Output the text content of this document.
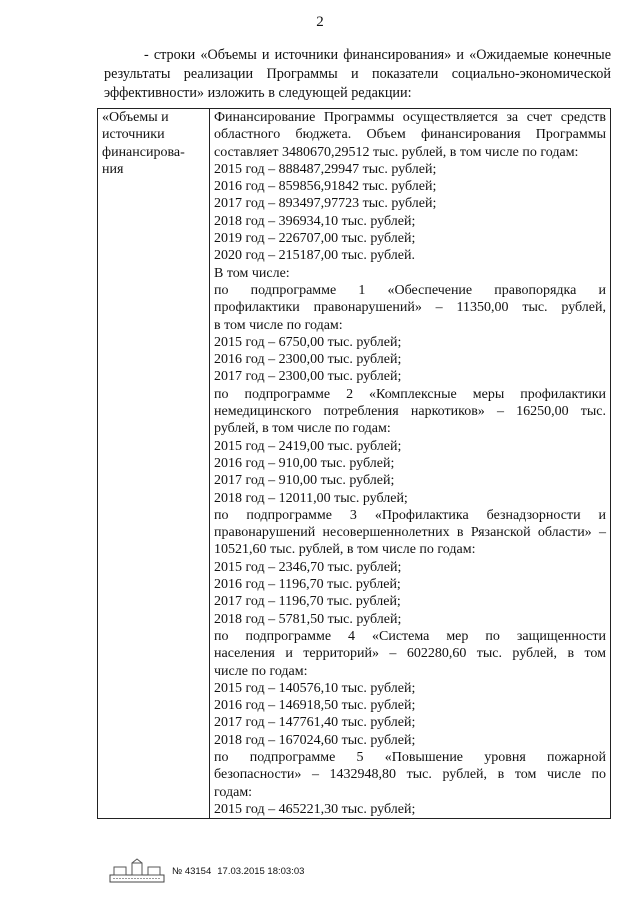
2
- строки «Объемы и источники финансирования» и «Ожидаемые конечные результаты реализации Программы и показатели социально-экономической эффективности» изложить в следующей редакции:
«Объемы и
источники
финансирова-
ния

Финансирование Программы осуществляется за счет средств
областного бюджета. Объем финансирования Программы
составляет 3480670,29512 тыс. рублей, в том числе по годам:
2015 год – 888487,29947 тыс. рублей;
2016 год – 859856,91842 тыс. рублей;
2017 год – 893497,97723 тыс. рублей;
2018 год – 396934,10 тыс. рублей;
2019 год – 226707,00 тыс. рублей;
2020 год – 215187,00 тыс. рублей.
В том числе:
по подпрограмме 1 «Обеспечение правопорядка и
профилактики правонарушений» – 11350,00 тыс. рублей,
в том числе по годам:
2015 год – 6750,00 тыс. рублей;
2016 год – 2300,00 тыс. рублей;
2017 год – 2300,00 тыс. рублей;
по подпрограмме 2 «Комплексные меры профилактики
немедицинского потребления наркотиков» – 16250,00 тыс.
рублей, в том числе по годам:
2015 год – 2419,00 тыс. рублей;
2016 год – 910,00 тыс. рублей;
2017 год – 910,00 тыс. рублей;
2018 год – 12011,00 тыс. рублей;
по подпрограмме 3 «Профилактика безнадзорности и
правонарушений несовершеннолетних в Рязанской области» –
10521,60 тыс. рублей, в том числе по годам:
2015 год – 2346,70 тыс. рублей;
2016 год – 1196,70 тыс. рублей;
2017 год – 1196,70 тыс. рублей;
2018 год – 5781,50 тыс. рублей;
по подпрограмме 4 «Система мер по защищенности
населения и территорий» – 602280,60 тыс. рублей, в том
числе по годам:
2015 год – 140576,10 тыс. рублей;
2016 год – 146918,50 тыс. рублей;
2017 год – 147761,40 тыс. рублей;
2018 год – 167024,60 тыс. рублей;
по подпрограмме 5 «Повышение уровня пожарной
безопасности» – 1432948,80 тыс. рублей, в том числе по
годам:
2015 год – 465221,30 тыс. рублей;
№ 43154 17.03.2015 18:03:03
